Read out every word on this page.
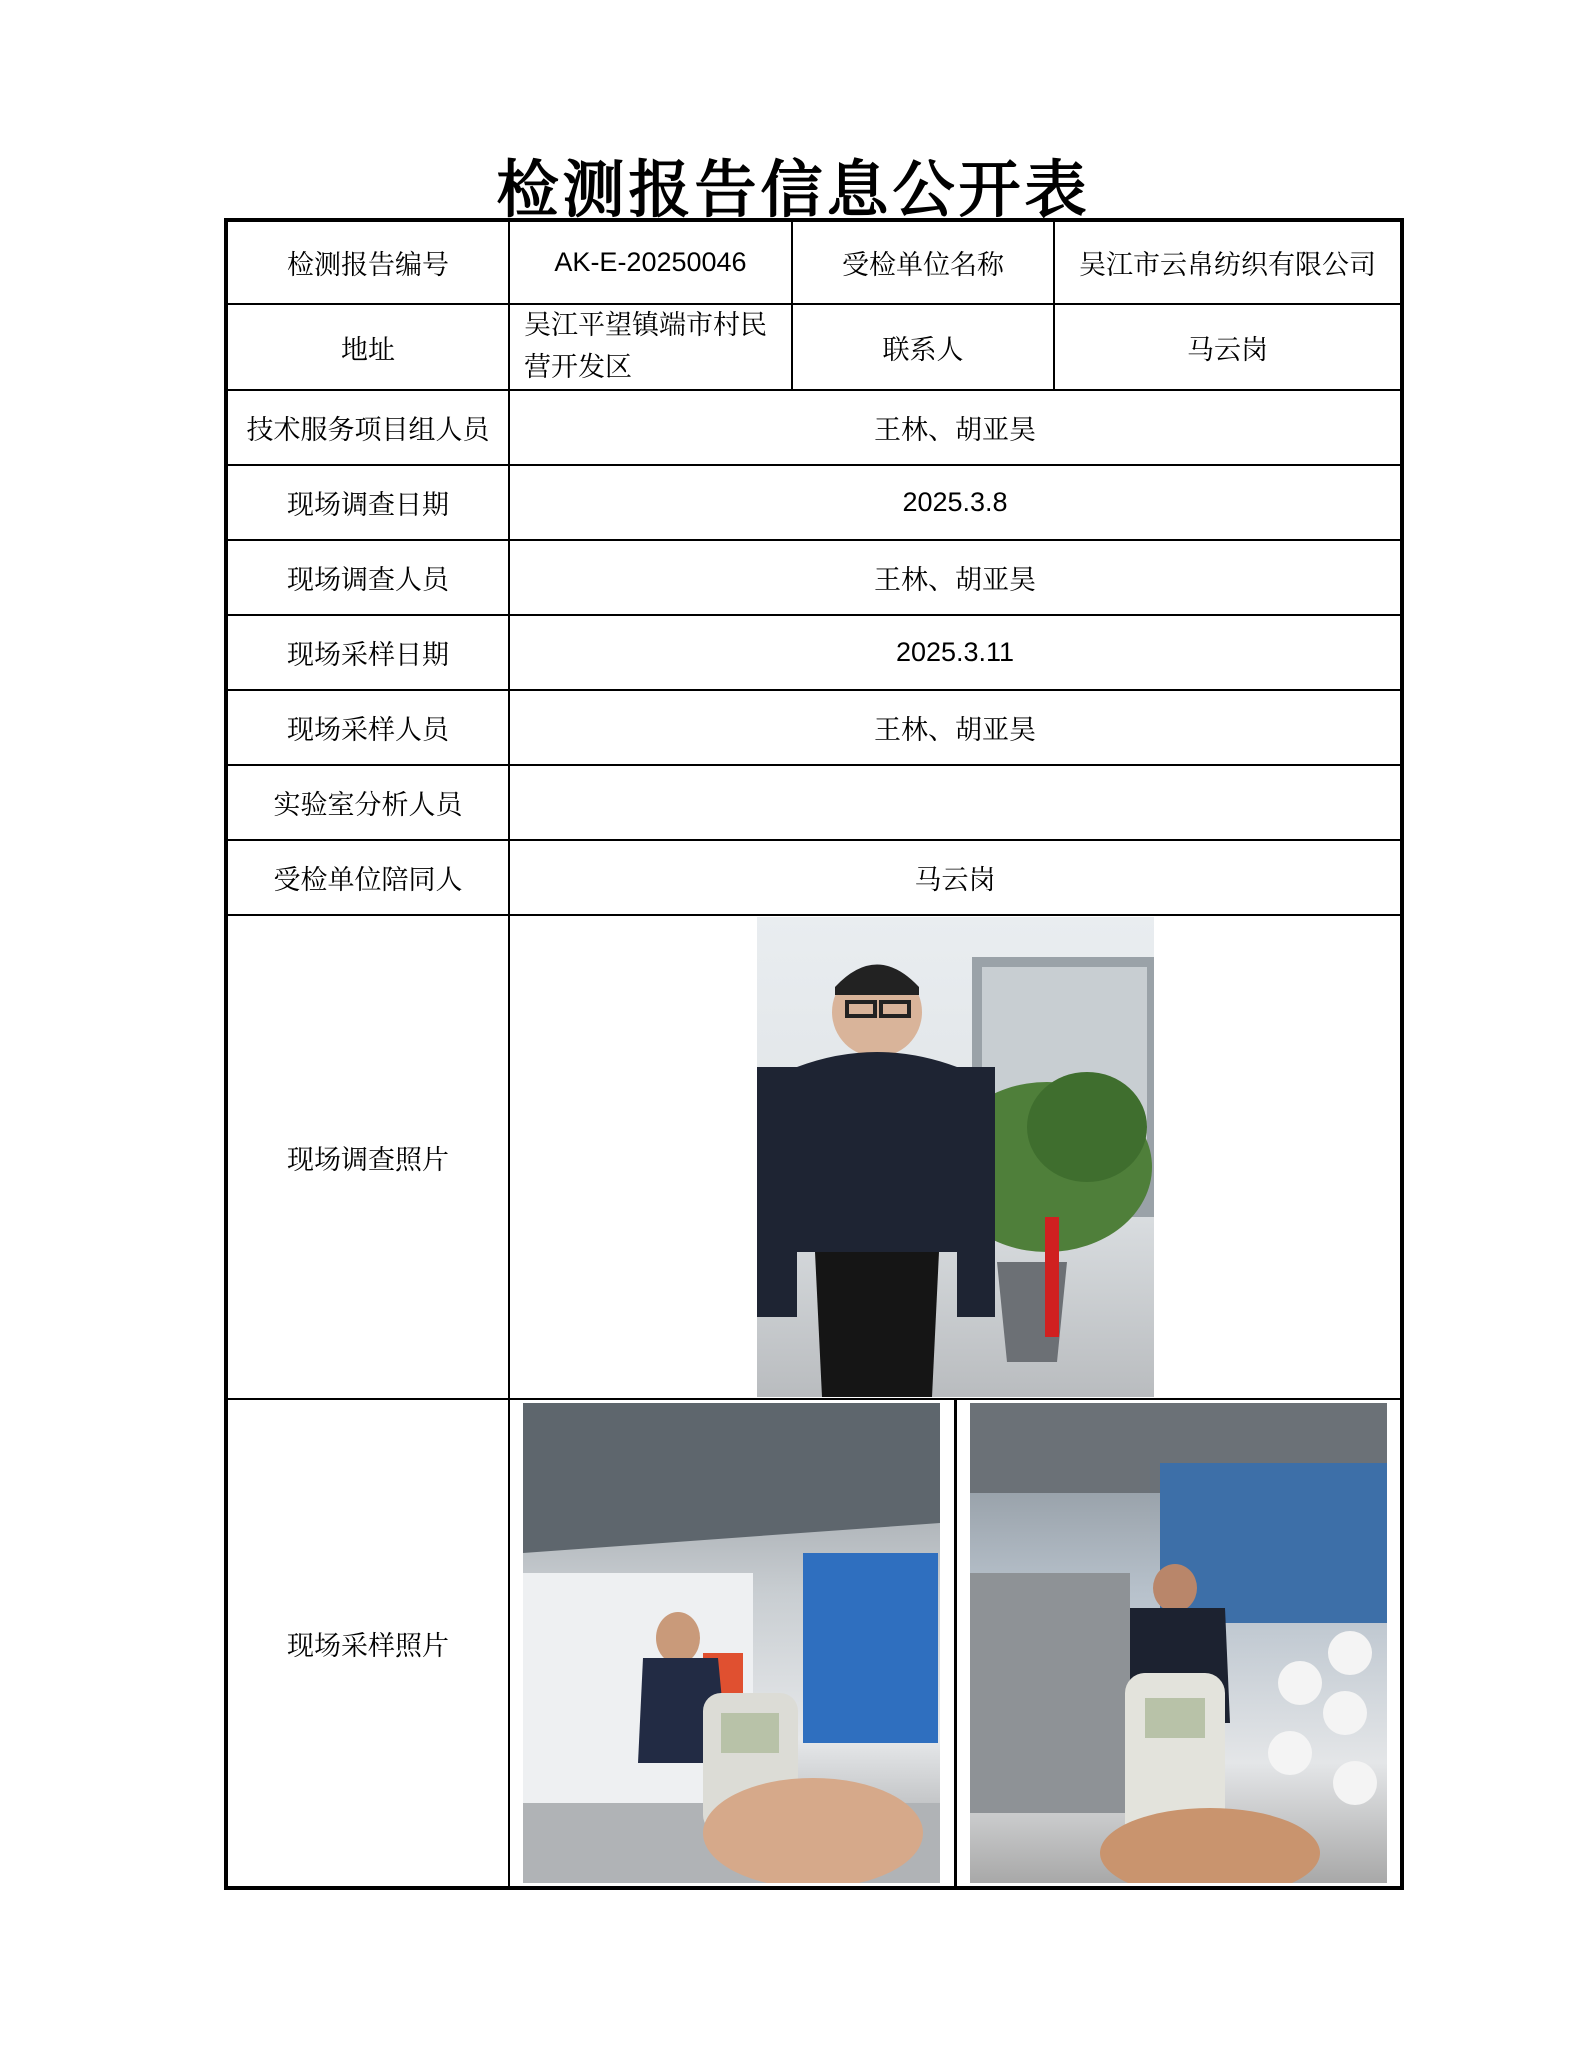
检测报告信息公开表
检测报告编号	AK-E-20250046	受检单位名称	吴江市云帛纺织有限公司
地址	吴江平望镇端市村民营开发区	联系人	马云岗
技术服务项目组人员	王林、胡亚昊		
现场调查日期	2025.3.8		
现场调查人员	王林、胡亚昊		
现场采样日期	2025.3.11		
现场采样人员	王林、胡亚昊		
实验室分析人员			
受检单位陪同人	马云岗		
现场调查照片	

现场采样照片	
